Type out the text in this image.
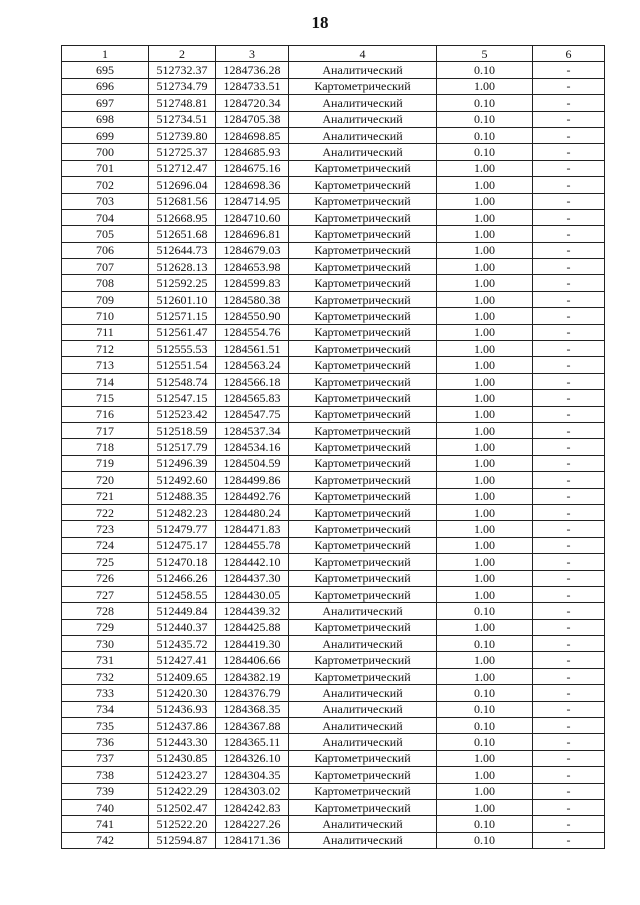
18
1	2	3	4	5	6
695	512732.37	1284736.28	Аналитический	0.10	-
696	512734.79	1284733.51	Картометрический	1.00	-
697	512748.81	1284720.34	Аналитический	0.10	-
698	512734.51	1284705.38	Аналитический	0.10	-
699	512739.80	1284698.85	Аналитический	0.10	-
700	512725.37	1284685.93	Аналитический	0.10	-
701	512712.47	1284675.16	Картометрический	1.00	-
702	512696.04	1284698.36	Картометрический	1.00	-
703	512681.56	1284714.95	Картометрический	1.00	-
704	512668.95	1284710.60	Картометрический	1.00	-
705	512651.68	1284696.81	Картометрический	1.00	-
706	512644.73	1284679.03	Картометрический	1.00	-
707	512628.13	1284653.98	Картометрический	1.00	-
708	512592.25	1284599.83	Картометрический	1.00	-
709	512601.10	1284580.38	Картометрический	1.00	-
710	512571.15	1284550.90	Картометрический	1.00	-
711	512561.47	1284554.76	Картометрический	1.00	-
712	512555.53	1284561.51	Картометрический	1.00	-
713	512551.54	1284563.24	Картометрический	1.00	-
714	512548.74	1284566.18	Картометрический	1.00	-
715	512547.15	1284565.83	Картометрический	1.00	-
716	512523.42	1284547.75	Картометрический	1.00	-
717	512518.59	1284537.34	Картометрический	1.00	-
718	512517.79	1284534.16	Картометрический	1.00	-
719	512496.39	1284504.59	Картометрический	1.00	-
720	512492.60	1284499.86	Картометрический	1.00	-
721	512488.35	1284492.76	Картометрический	1.00	-
722	512482.23	1284480.24	Картометрический	1.00	-
723	512479.77	1284471.83	Картометрический	1.00	-
724	512475.17	1284455.78	Картометрический	1.00	-
725	512470.18	1284442.10	Картометрический	1.00	-
726	512466.26	1284437.30	Картометрический	1.00	-
727	512458.55	1284430.05	Картометрический	1.00	-
728	512449.84	1284439.32	Аналитический	0.10	-
729	512440.37	1284425.88	Картометрический	1.00	-
730	512435.72	1284419.30	Аналитический	0.10	-
731	512427.41	1284406.66	Картометрический	1.00	-
732	512409.65	1284382.19	Картометрический	1.00	-
733	512420.30	1284376.79	Аналитический	0.10	-
734	512436.93	1284368.35	Аналитический	0.10	-
735	512437.86	1284367.88	Аналитический	0.10	-
736	512443.30	1284365.11	Аналитический	0.10	-
737	512430.85	1284326.10	Картометрический	1.00	-
738	512423.27	1284304.35	Картометрический	1.00	-
739	512422.29	1284303.02	Картометрический	1.00	-
740	512502.47	1284242.83	Картометрический	1.00	-
741	512522.20	1284227.26	Аналитический	0.10	-
742	512594.87	1284171.36	Аналитический	0.10	-
